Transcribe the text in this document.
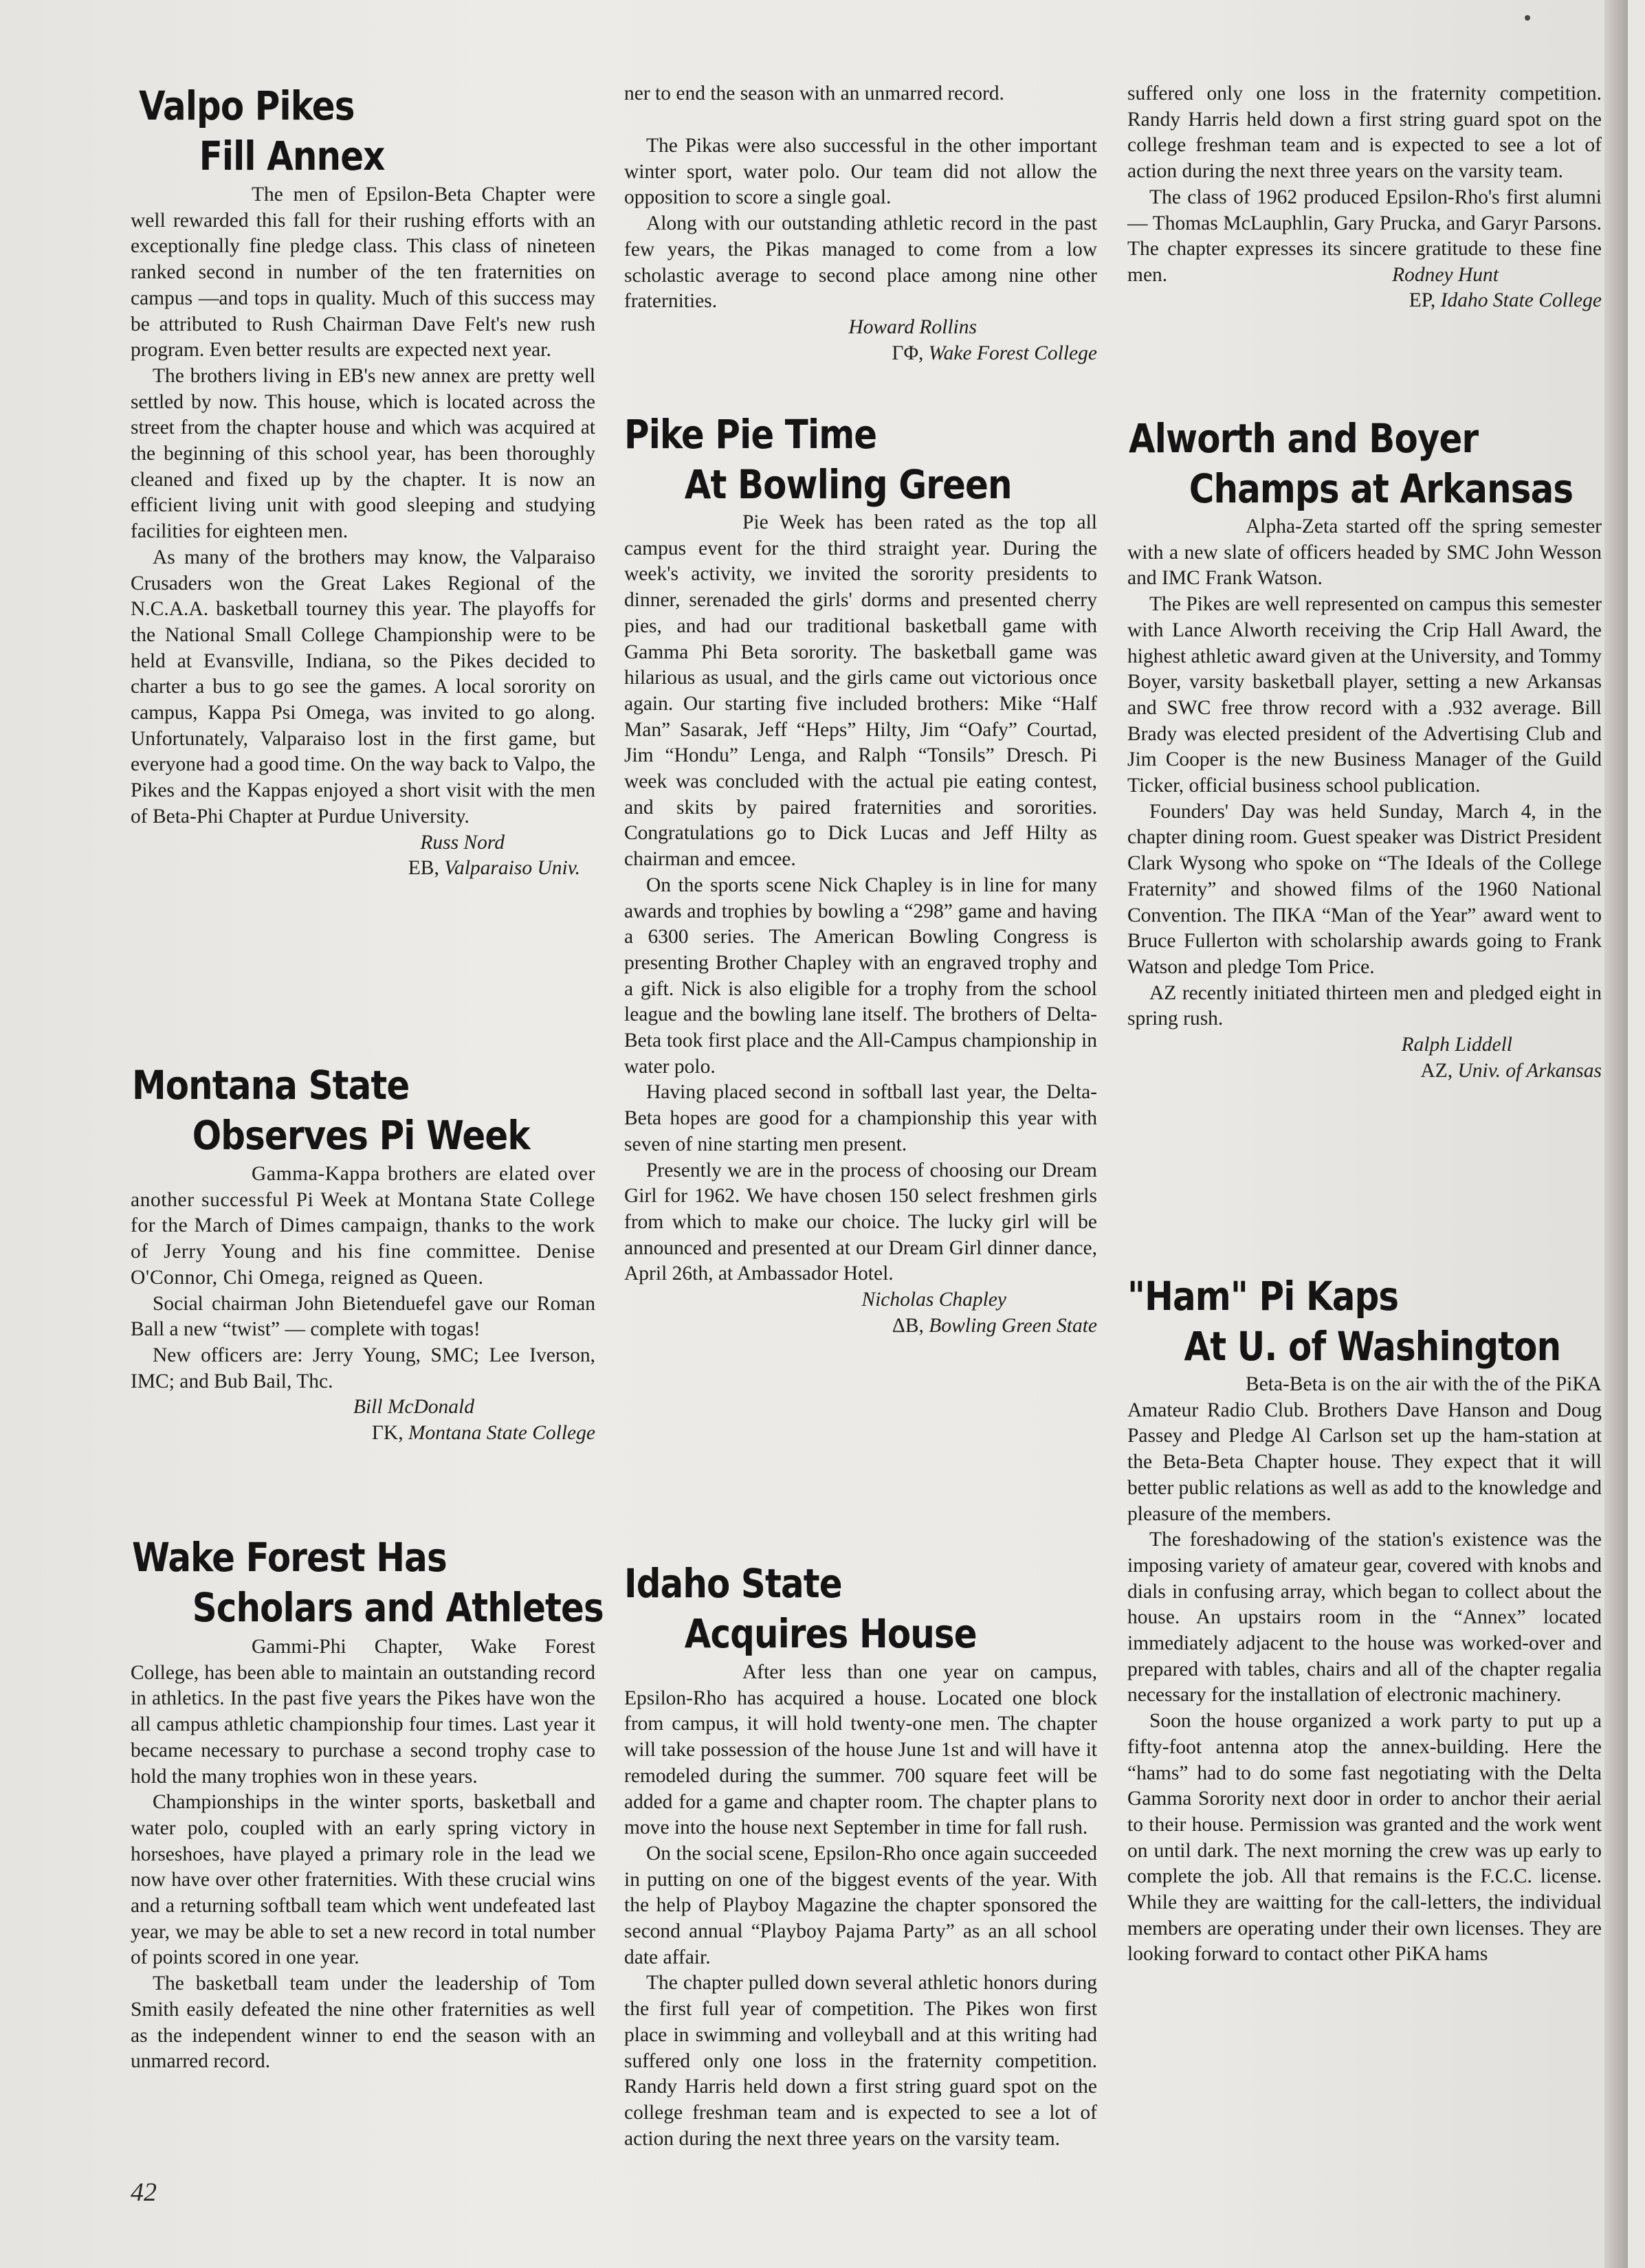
Valpo Pikes
Fill Annex

The men of Epsilon-Beta Chapter were well rewarded this fall for their rushing efforts with an exceptionally fine pledge class. This class of nineteen ranked second in number of the ten fraternities on campus —and tops in quality. Much of this success may be attributed to Rush Chairman Dave Felt's new rush program. Even better results are expected next year.

The brothers living in EB's new annex are pretty well settled by now. This house, which is located across the street from the chapter house and which was acquired at the beginning of this school year, has been thoroughly cleaned and fixed up by the chapter. It is now an efficient living unit with good sleeping and studying facilities for eighteen men.

As many of the brothers may know, the Valparaiso Crusaders won the Great Lakes Regional of the N.C.A.A. basketball tourney this year. The playoffs for the National Small College Championship were to be held at Evansville, Indiana, so the Pikes decided to charter a bus to go see the games. A local sorority on campus, Kappa Psi Omega, was invited to go along. Unfortunately, Valparaiso lost in the first game, but everyone had a good time. On the way back to Valpo, the Pikes and the Kappas enjoyed a short visit with the men of Beta-Phi Chapter at Purdue University.

Russ Nord

EB, Valparaiso Univ.

Montana State
Observes Pi Week

Gamma-Kappa brothers are elated over another successful Pi Week at Montana State College for the March of Dimes campaign, thanks to the work of Jerry Young and his fine committee. Denise O'Connor, Chi Omega, reigned as Queen.

Social chairman John Bietenduefel gave our Roman Ball a new “twist” — complete with togas!

New officers are: Jerry Young, SMC; Lee Iverson, IMC; and Bub Bail, Thc.

Bill McDonald

ΓK, Montana State College

Wake Forest Has
Scholars and Athletes

Gammi-Phi Chapter, Wake Forest College, has been able to maintain an outstanding record in athletics. In the past five years the Pikes have won the all campus athletic championship four times. Last year it became necessary to purchase a second trophy case to hold the many trophies won in these years.

Championships in the winter sports, basketball and water polo, coupled with an early spring victory in horseshoes, have played a primary role in the lead we now have over other fraternities. With these crucial wins and a returning softball team which went undefeated last year, we may be able to set a new record in total number of points scored in one year.

The basketball team under the leadership of Tom Smith easily defeated the nine other fraternities as well as the independent winner to end the season with an unmarred record.

42

ner to end the season with an unmarred record.

The Pikas were also successful in the other important winter sport, water polo. Our team did not allow the opposition to score a single goal.

Along with our outstanding athletic record in the past few years, the Pikas managed to come from a low scholastic average to second place among nine other fraternities.

Howard Rollins

ΓΦ, Wake Forest College

Pike Pie Time
At Bowling Green

Pie Week has been rated as the top all campus event for the third straight year. During the week's activity, we invited the sorority presidents to dinner, serenaded the girls' dorms and presented cherry pies, and had our traditional basketball game with Gamma Phi Beta sorority. The basketball game was hilarious as usual, and the girls came out victorious once again. Our starting five included brothers: Mike “Half Man” Sasarak, Jeff “Heps” Hilty, Jim “Oafy” Courtad, Jim “Hondu” Lenga, and Ralph “Tonsils” Dresch. Pi week was concluded with the actual pie eating contest, and skits by paired fraternities and sororities. Congratulations go to Dick Lucas and Jeff Hilty as chairman and emcee.

On the sports scene Nick Chapley is in line for many awards and trophies by bowling a “298” game and having a 6300 series. The American Bowling Congress is presenting Brother Chapley with an engraved trophy and a gift. Nick is also eligible for a trophy from the school league and the bowling lane itself. The brothers of Delta-Beta took first place and the All-Campus championship in water polo.

Having placed second in softball last year, the Delta-Beta hopes are good for a championship this year with seven of nine starting men present.

Presently we are in the process of choosing our Dream Girl for 1962. We have chosen 150 select freshmen girls from which to make our choice. The lucky girl will be announced and presented at our Dream Girl dinner dance, April 26th, at Ambassador Hotel.

Nicholas Chapley

ΔB, Bowling Green State

Idaho State
Acquires House

After less than one year on campus, Epsilon-Rho has acquired a house. Located one block from campus, it will hold twenty-one men. The chapter will take possession of the house June 1st and will have it remodeled during the summer. 700 square feet will be added for a game and chapter room. The chapter plans to move into the house next September in time for fall rush.

On the social scene, Epsilon-Rho once again succeeded in putting on one of the biggest events of the year. With the help of Playboy Magazine the chapter sponsored the second annual “Playboy Pajama Party” as an all school date affair.

The chapter pulled down several athletic honors during the first full year of competition. The Pikes won first place in swimming and volleyball and at this writing had suffered only one loss in the fraternity competition. Randy Harris held down a first string guard spot on the college freshman team and is expected to see a lot of action during the next three years on the varsity team.

suffered only one loss in the fraternity competition. Randy Harris held down a first string guard spot on the college freshman team and is expected to see a lot of action during the next three years on the varsity team.

The class of 1962 produced Epsilon-Rho's first alumni — Thomas McLauphlin, Gary Prucka, and Garyr Parsons. The chapter expresses its sincere gratitude to these fine men.	Rodney Hunt

EP, Idaho State College

Alworth and Boyer
Champs at Arkansas

Alpha-Zeta started off the spring semester with a new slate of officers headed by SMC John Wesson and IMC Frank Watson.

The Pikes are well represented on campus this semester with Lance Alworth receiving the Crip Hall Award, the highest athletic award given at the University, and Tommy Boyer, varsity basketball player, setting a new Arkansas and SWC free throw record with a .932 average. Bill Brady was elected president of the Advertising Club and Jim Cooper is the new Business Manager of the Guild Ticker, official business school publication.

Founders' Day was held Sunday, March 4, in the chapter dining room. Guest speaker was District President Clark Wysong who spoke on “The Ideals of the College Fraternity” and showed films of the 1960 National Convention. The ΠΚΑ “Man of the Year” award went to Bruce Fullerton with scholarship awards going to Frank Watson and pledge Tom Price.

AZ recently initiated thirteen men and pledged eight in spring rush.

Ralph Liddell

AZ, Univ. of Arkansas

"Ham" Pi Kaps
At U. of Washington

Beta-Beta is on the air with the of the PiKA Amateur Radio Club. Brothers Dave Hanson and Doug Passey and Pledge Al Carlson set up the ham-station at the Beta-Beta Chapter house. They expect that it will better public relations as well as add to the knowledge and pleasure of the members.

The foreshadowing of the station's existence was the imposing variety of amateur gear, covered with knobs and dials in confusing array, which began to collect about the house. An upstairs room in the “Annex” located immediately adjacent to the house was worked-over and prepared with tables, chairs and all of the chapter regalia necessary for the installation of electronic machinery.

Soon the house organized a work party to put up a fifty-foot antenna atop the annex-building. Here the “hams” had to do some fast negotiating with the Delta Gamma Sorority next door in order to anchor their aerial to their house. Permission was granted and the work went on until dark. The next morning the crew was up early to complete the job. All that remains is the F.C.C. license. While they are waitting for the call-letters, the individual members are operating under their own licenses. They are looking forward to contact other PiKA hams
